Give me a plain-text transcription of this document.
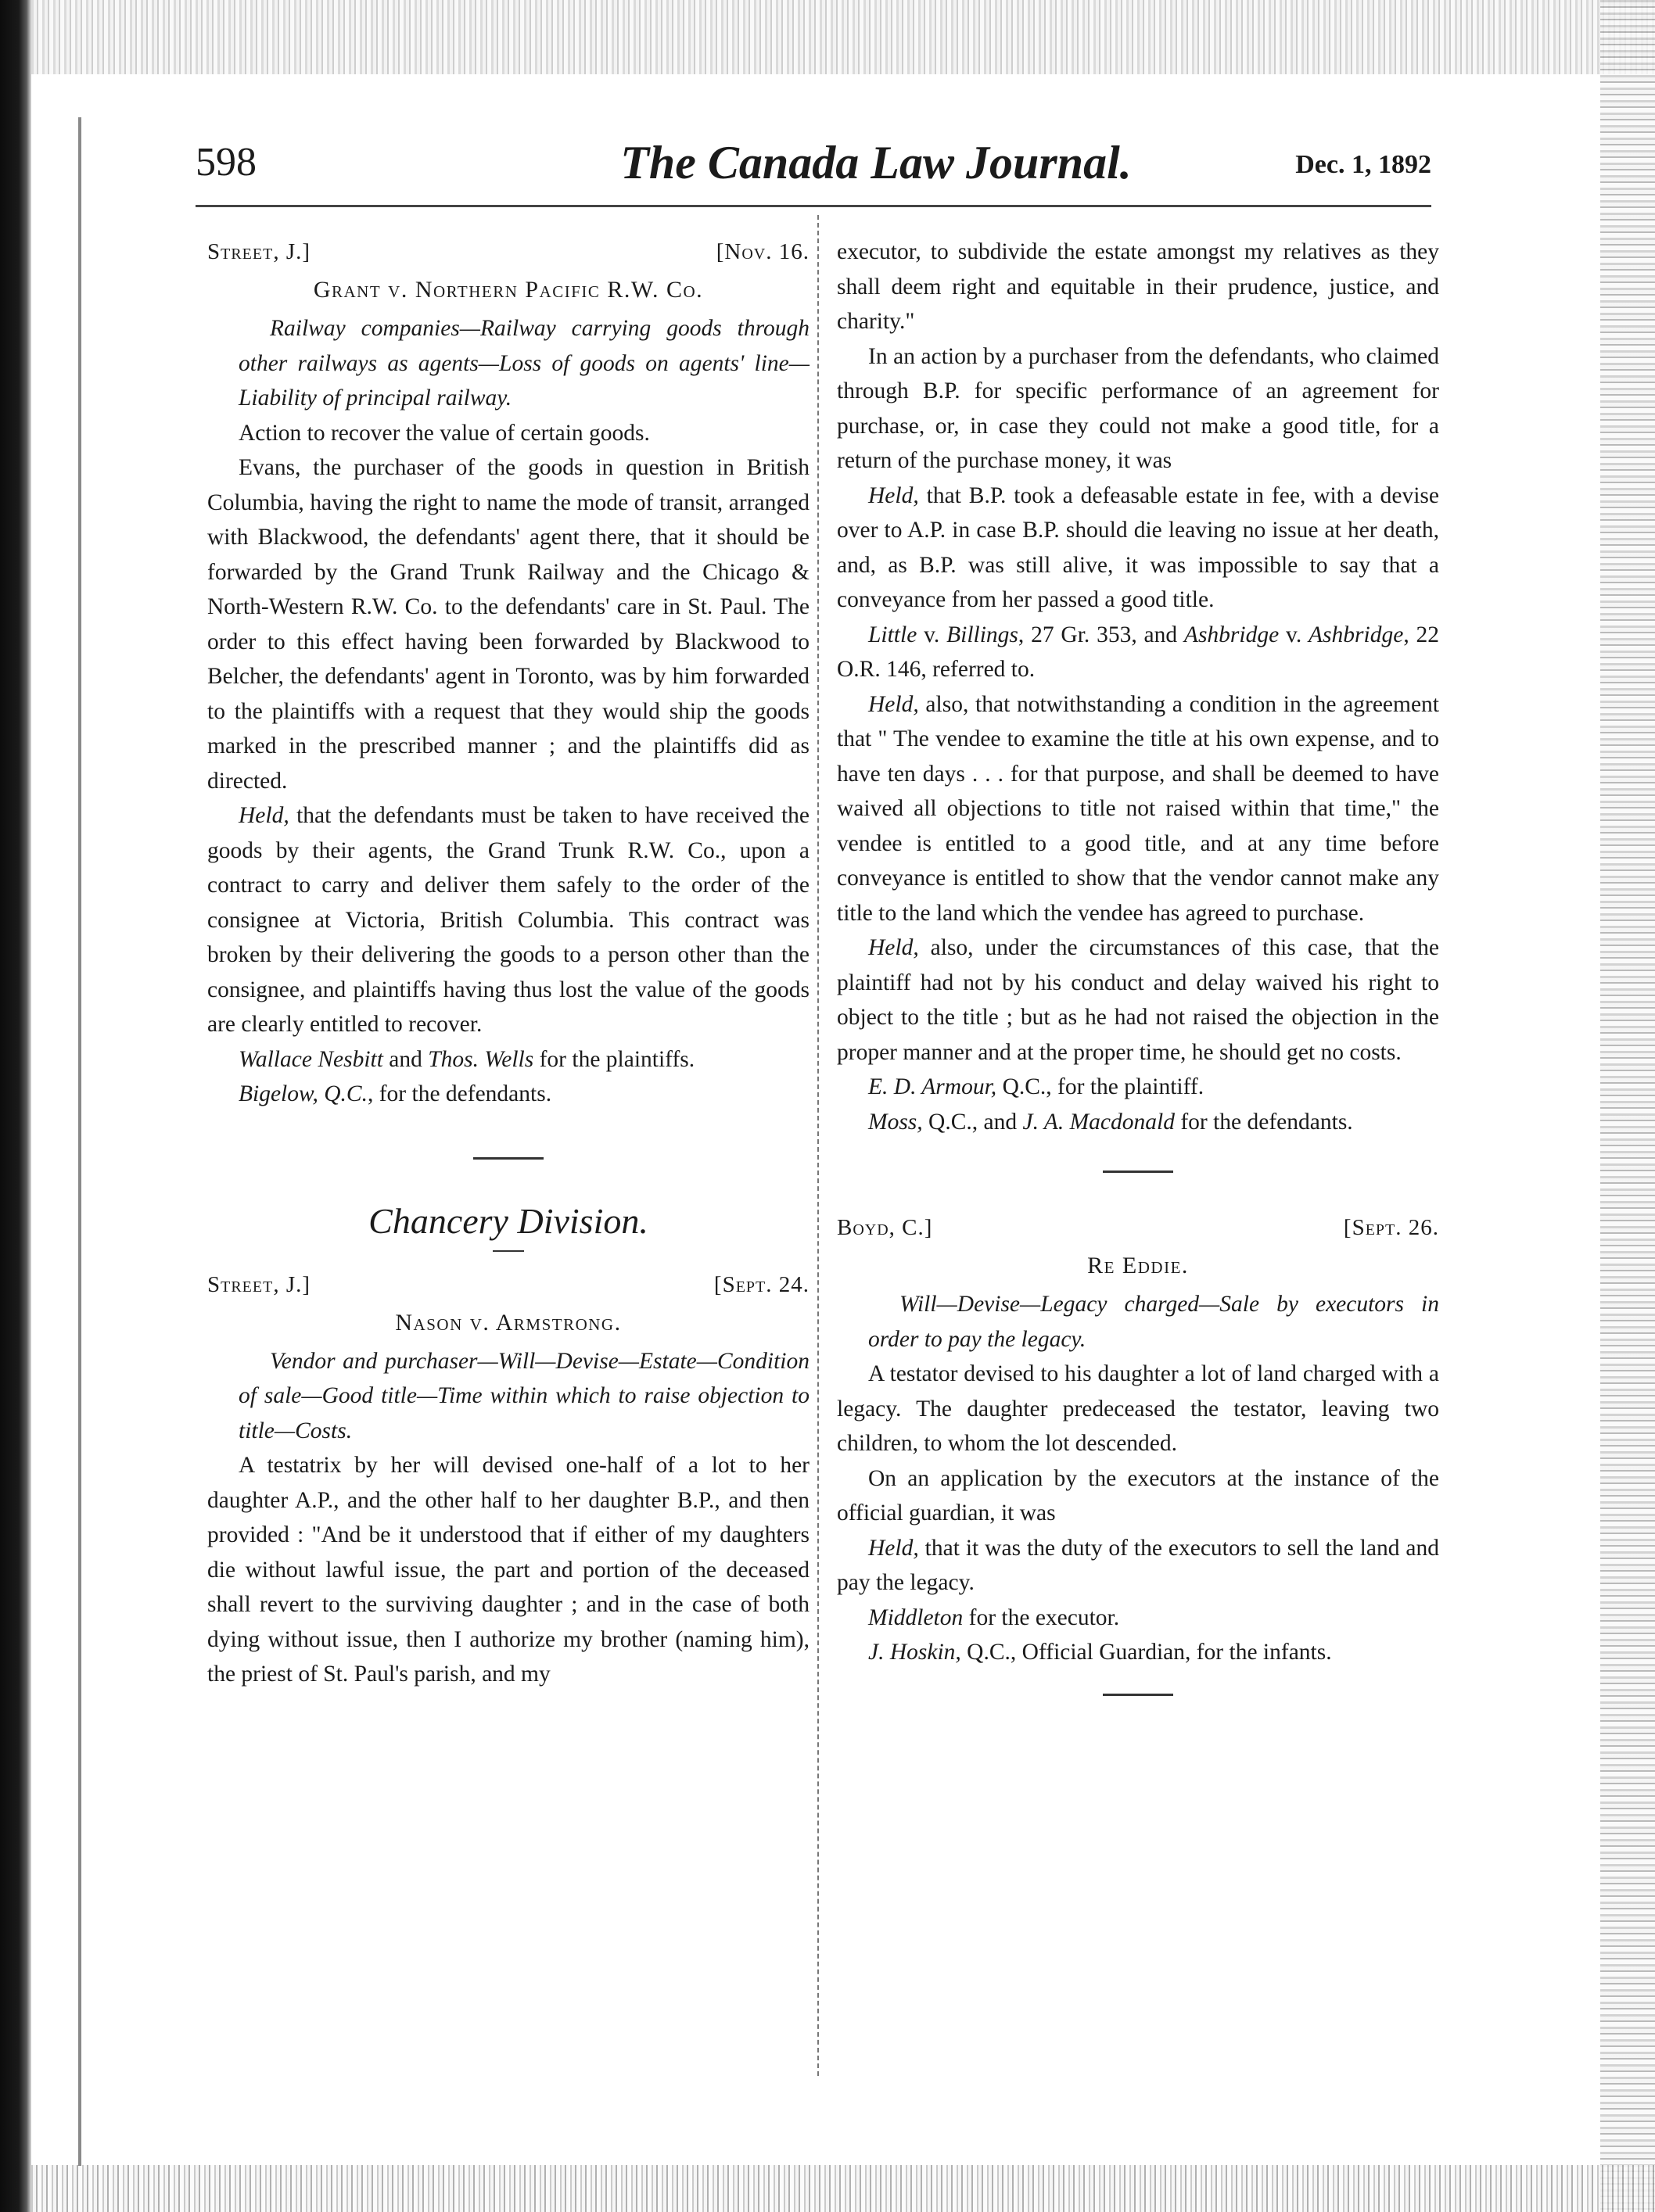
598	The Canada Law Journal.	Dec. 1, 1892
Street, J.]	[Nov. 16.
Grant v. Northern Pacific R.W. Co.

Railway companies—Railway carrying goods through other railways as agents—Loss of goods on agents' line—Liability of principal railway.

Action to recover the value of certain goods.

Evans, the purchaser of the goods in question in British Columbia, having the right to name the mode of transit, arranged with Blackwood, the defendants' agent there, that it should be forwarded by the Grand Trunk Railway and the Chicago & North-Western R.W. Co. to the defendants' care in St. Paul. The order to this effect having been forwarded by Blackwood to Belcher, the defendants' agent in Toronto, was by him forwarded to the plaintiffs with a request that they would ship the goods marked in the prescribed manner ; and the plaintiffs did as directed.

Held, that the defendants must be taken to have received the goods by their agents, the Grand Trunk R.W. Co., upon a contract to carry and deliver them safely to the order of the consignee at Victoria, British Columbia. This contract was broken by their delivering the goods to a person other than the consignee, and plaintiffs having thus lost the value of the goods are clearly entitled to recover.

Wallace Nesbitt and Thos. Wells for the plaintiffs.

Bigelow, Q.C., for the defendants.

Chancery Division.
Street, J.]	[Sept. 24.
Nason v. Armstrong.

Vendor and purchaser—Will—Devise—Estate—Condition of sale—Good title—Time within which to raise objection to title—Costs.

A testatrix by her will devised one-half of a lot to her daughter A.P., and the other half to her daughter B.P., and then provided : "And be it understood that if either of my daughters die without lawful issue, the part and portion of the deceased shall revert to the surviving daughter ; and in the case of both dying without issue, then I authorize my brother (naming him), the priest of St. Paul's parish, and my

executor, to subdivide the estate amongst my relatives as they shall deem right and equitable in their prudence, justice, and charity."

In an action by a purchaser from the defendants, who claimed through B.P. for specific performance of an agreement for purchase, or, in case they could not make a good title, for a return of the purchase money, it was

Held, that B.P. took a defeasable estate in fee, with a devise over to A.P. in case B.P. should die leaving no issue at her death, and, as B.P. was still alive, it was impossible to say that a conveyance from her passed a good title.

Little v. Billings, 27 Gr. 353, and Ashbridge v. Ashbridge, 22 O.R. 146, referred to.

Held, also, that notwithstanding a condition in the agreement that " The vendee to examine the title at his own expense, and to have ten days . . . for that purpose, and shall be deemed to have waived all objections to title not raised within that time," the vendee is entitled to a good title, and at any time before conveyance is entitled to show that the vendor cannot make any title to the land which the vendee has agreed to purchase.

Held, also, under the circumstances of this case, that the plaintiff had not by his conduct and delay waived his right to object to the title ; but as he had not raised the objection in the proper manner and at the proper time, he should get no costs.

E. D. Armour, Q.C., for the plaintiff.

Moss, Q.C., and J. A. Macdonald for the defendants.

Boyd, C.]	[Sept. 26.
Re Eddie.

Will—Devise—Legacy charged—Sale by executors in order to pay the legacy.

A testator devised to his daughter a lot of land charged with a legacy. The daughter predeceased the testator, leaving two children, to whom the lot descended.

On an application by the executors at the instance of the official guardian, it was

Held, that it was the duty of the executors to sell the land and pay the legacy.

Middleton for the executor.

J. Hoskin, Q.C., Official Guardian, for the infants.
